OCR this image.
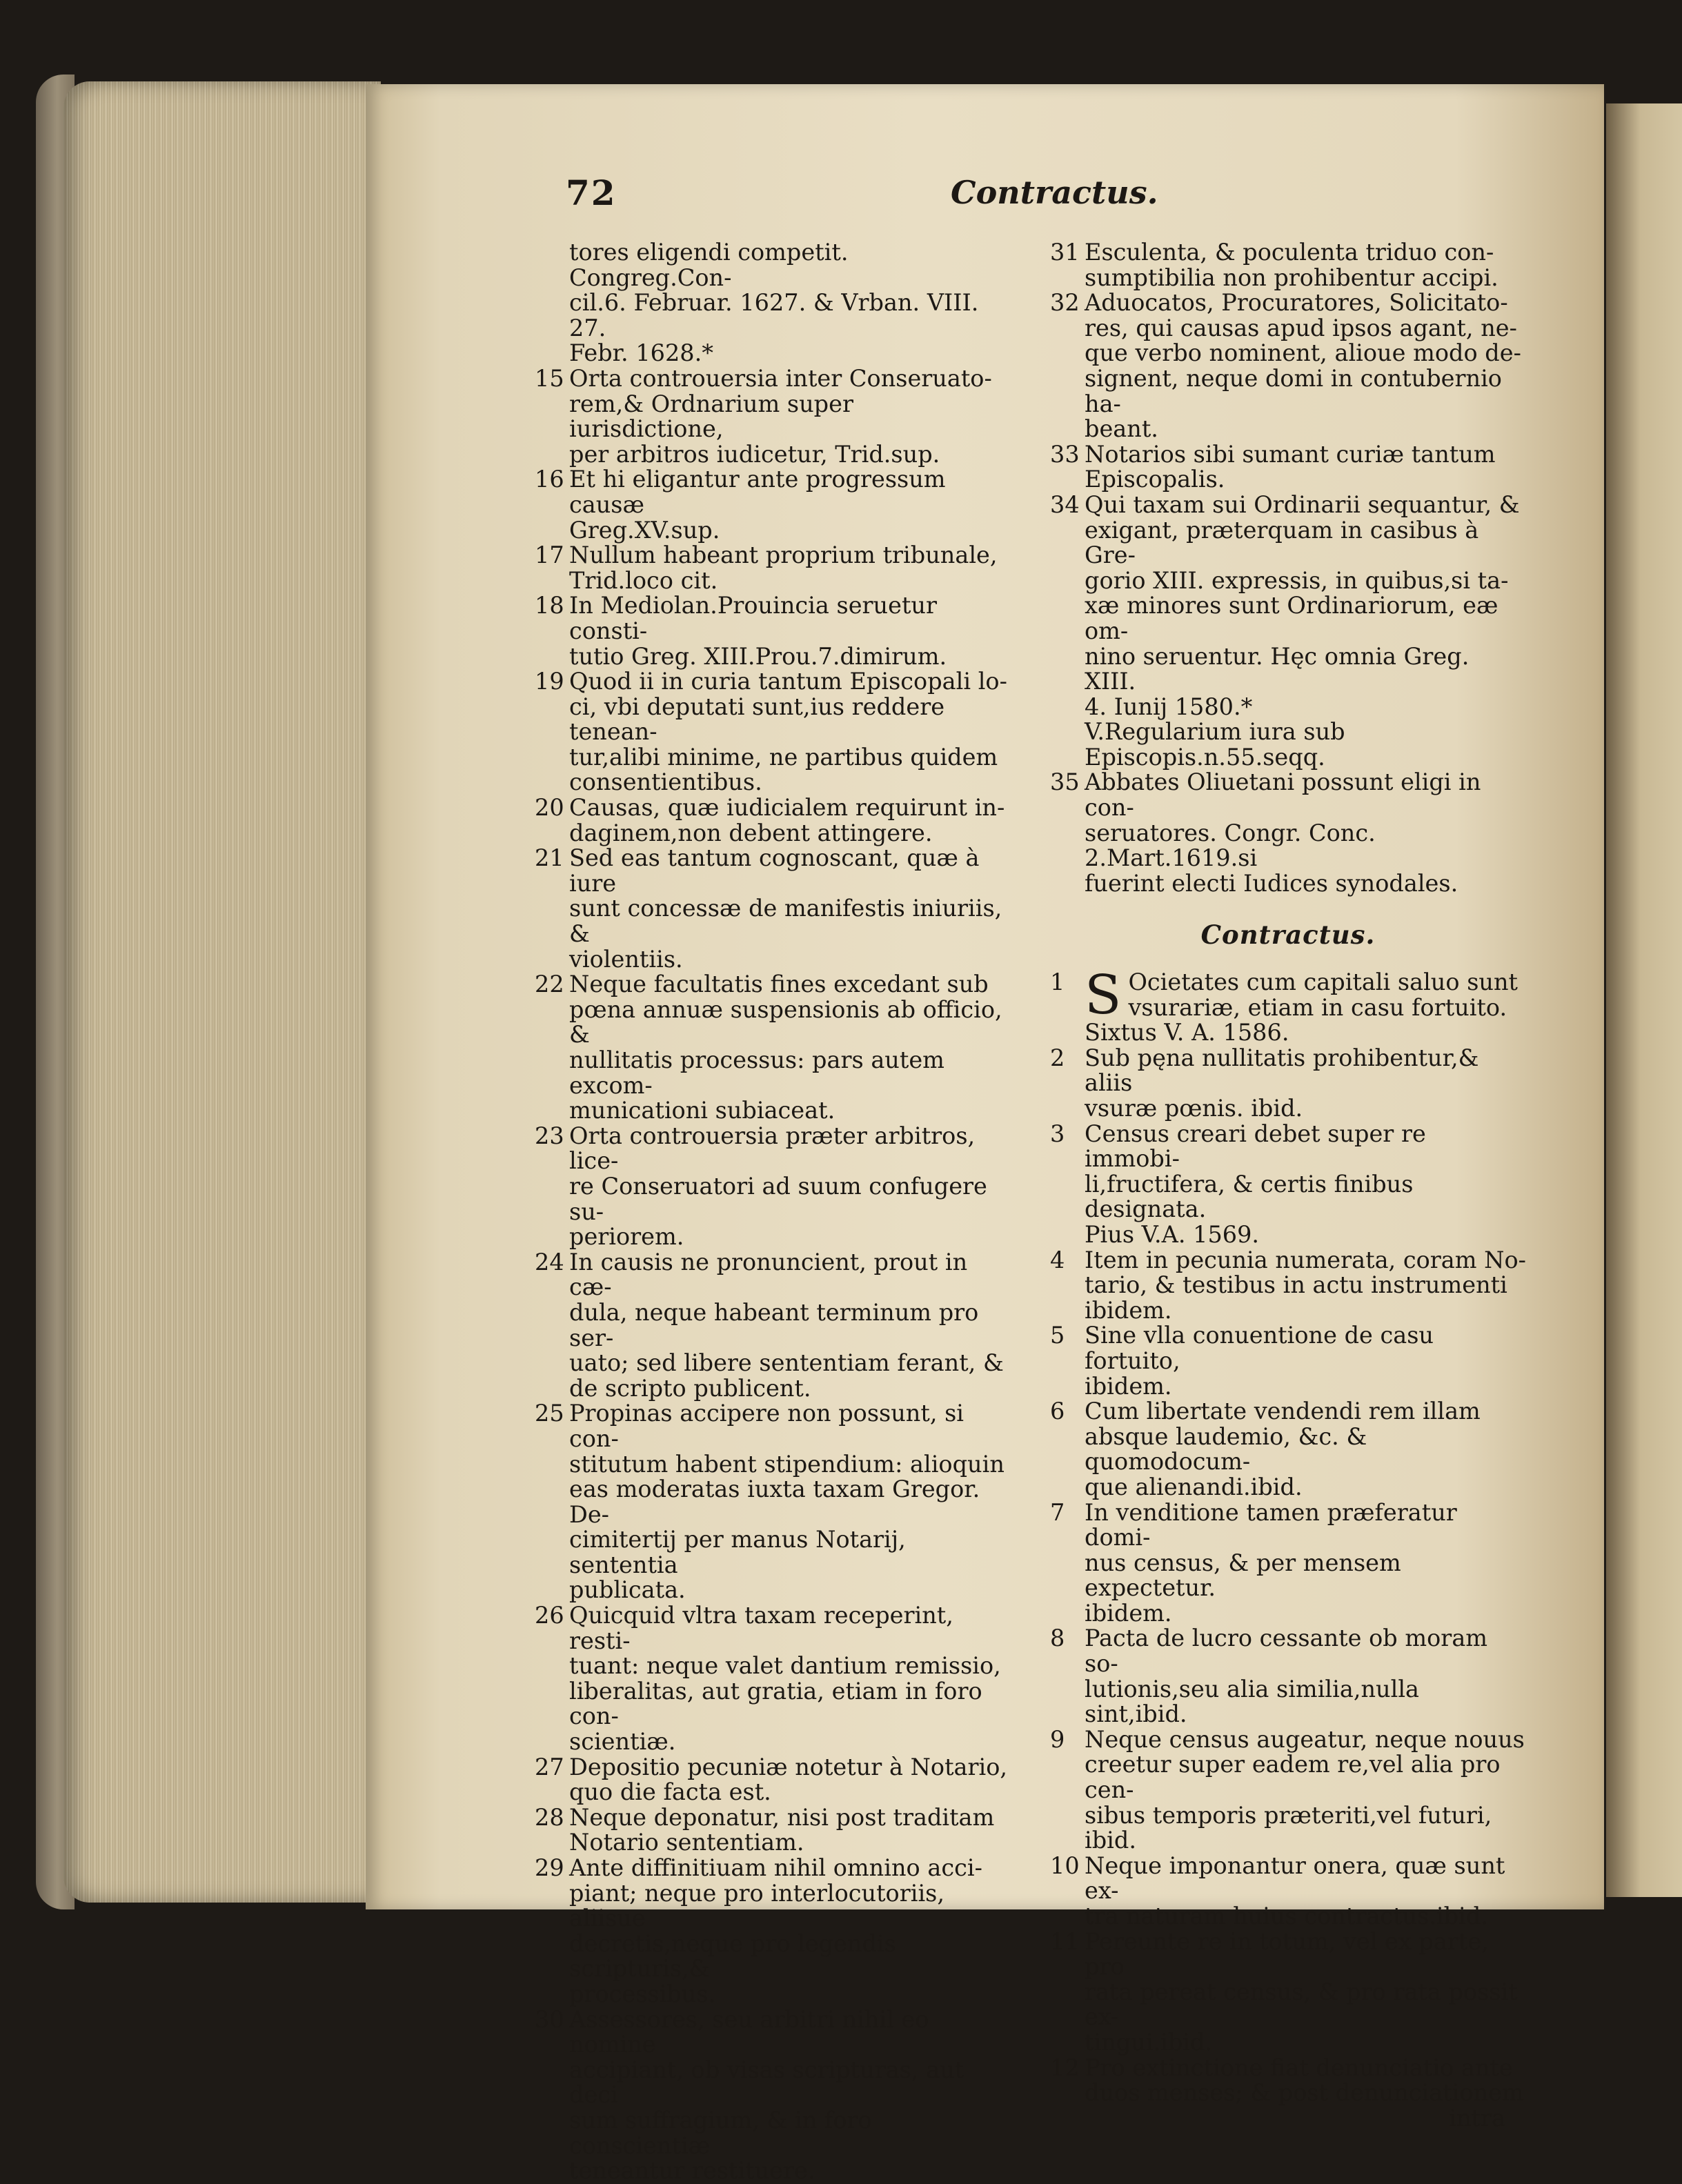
72	Contractus.
tores eligendi competit. Congreg.Con-
cil.6. Februar. 1627. & Vrban. VIII. 27.
Febr. 1628.*
15 Orta controuersia inter Conseruato-
rem,& Ordnarium super iurisdictione,
per arbitros iudicetur, Trid.sup.
16 Et hi eligantur ante progressum causæ
Greg.XV.sup.
17 Nullum habeant proprium tribunale,
Trid.loco cit.
18 In Mediolan.Prouincia seruetur consti-
tutio Greg. XIII.Prou.7.dimirum.
19 Quod ii in curia tantum Episcopali lo-
ci, vbi deputati sunt,ius reddere tenean-
tur,alibi minime, ne partibus quidem
consentientibus.
20 Causas, quæ iudicialem requirunt in-
daginem,non debent attingere.
21 Sed eas tantum cognoscant, quæ à iure
sunt concessæ de manifestis iniuriis, &
violentiis.
22 Neque facultatis fines excedant sub
pœna annuæ suspensionis ab officio, &
nullitatis processus: pars autem excom-
municationi subiaceat.
23 Orta controuersia præter arbitros, lice-
re Conseruatori ad suum confugere su-
periorem.
24 In causis ne pronuncient, prout in cæ-
dula, neque habeant terminum pro ser-
uato; sed libere sententiam ferant, &
de scripto publicent.
25 Propinas accipere non possunt, si con-
stitutum habent stipendium: alioquin
eas moderatas iuxta taxam Gregor. De-
cimitertij per manus Notarij, sententia
publicata.
26 Quicquid vltra taxam receperint, resti-
tuant: neque valet dantium remissio,
liberalitas, aut gratia, etiam in foro con-
scientiæ.
27 Depositio pecuniæ notetur à Notario,
quo die facta est.
28 Neque deponatur, nisi post traditam
Notario sententiam.
29 Ante diffinitiuam nihil omnino acci-
piant; neque pro interlocutoriis, aliisue
decretis,neque pro legendis scripturis,&
processibus.
30 Assessores, seu arbitri nihil eo nomine
accipiant, ob visas scripturas, aut deci
sum suffragium, & in foro conscientiæ
teneantur restituere.
31 Esculenta, & poculenta triduo con-
sumptibilia non prohibentur accipi.
32 Aduocatos, Procuratores, Solicitato-
res, qui causas apud ipsos agant, ne-
que verbo nominent, alioue modo de-
signent, neque domi in contubernio ha-
beant.
33 Notarios sibi sumant curiæ tantum
Episcopalis.
34 Qui taxam sui Ordinarii sequantur, &
exigant, præterquam in casibus à Gre-
gorio XIII. expressis, in quibus,si ta-
xæ minores sunt Ordinariorum, eæ om-
nino seruentur. Hęc omnia Greg. XIII.
4. Iunij 1580.*
V.Regularium iura sub Episcopis.n.55.seqq.
35 Abbates Oliuetani possunt eligi in con-
seruatores. Congr. Conc. 2.Mart.1619.si
fuerint electi Iudices synodales.
Contractus.
1 S Ocietates cum capitali saluo sunt
vsurariæ, etiam in casu fortuito.
Sixtus V. A. 1586.
2 Sub pęna nullitatis prohibentur,& aliis
vsuræ pœnis. ibid.
3 Census creari debet super re immobi-
li,fructifera, & certis finibus designata.
Pius V.A. 1569.
4 Item in pecunia numerata, coram No-
tario, & testibus in actu instrumenti
ibidem.
5 Sine vlla conuentione de casu fortuito,
ibidem.
6 Cum libertate vendendi rem illam
absque laudemio, &c. & quomodocum-
que alienandi.ibid.
7 In venditione tamen præferatur domi-
nus census, & per mensem expectetur.
ibidem.
8 Pacta de lucro cessante ob moram so-
lutionis,seu alia similia,nulla sint,ibid.
9 Neque census augeatur, neque nouus
creetur super eadem re,vel alia pro cen-
sibus temporis præteriti,vel futuri, ibid.
10 Neque imponantur onera, quæ sunt ex-
tra naturam huius contractus.ibid.
11 Pereunte re in totum, vel ex parte, pro
rata pereat census, & pro rata possit ex-
tingui.ibid.
12 Pro extinctione fiat denunciatio ante
duos menses; & post denunciationem
intra
